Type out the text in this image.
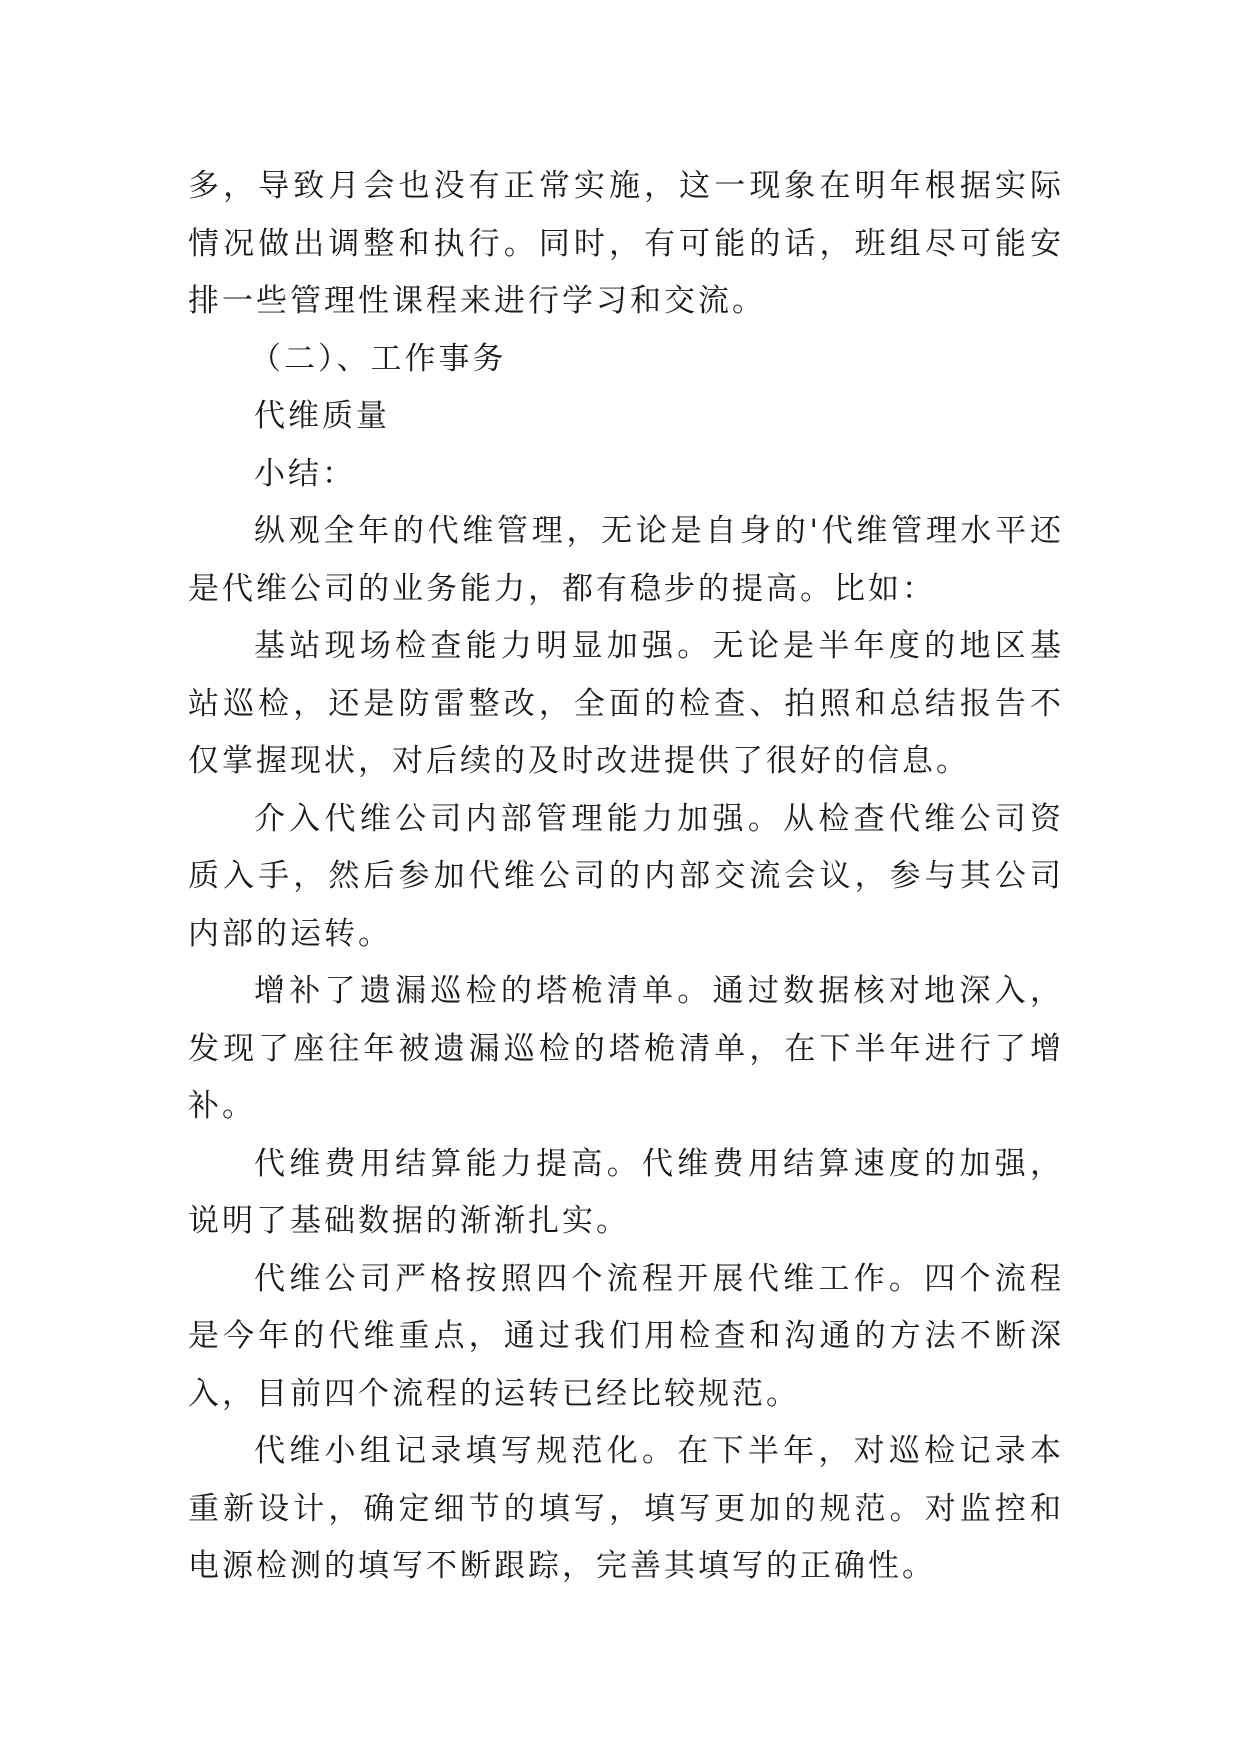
多，导致月会也没有正常实施，这一现象在明年根据实际情况做出调整和执行。同时，有可能的话，班组尽可能安排一些管理性课程来进行学习和交流。

（二）、工作事务

代维质量

小结：

纵观全年的代维管理，无论是自身的'代维管理水平还是代维公司的业务能力，都有稳步的提高。比如：

基站现场检查能力明显加强。无论是半年度的地区基站巡检，还是防雷整改，全面的检查、拍照和总结报告不仅掌握现状，对后续的及时改进提供了很好的信息。

介入代维公司内部管理能力加强。从检查代维公司资质入手，然后参加代维公司的内部交流会议，参与其公司内部的运转。

增补了遗漏巡检的塔桅清单。通过数据核对地深入，发现了座往年被遗漏巡检的塔桅清单，在下半年进行了增补。

代维费用结算能力提高。代维费用结算速度的加强，说明了基础数据的渐渐扎实。

代维公司严格按照四个流程开展代维工作。四个流程是今年的代维重点，通过我们用检查和沟通的方法不断深入，目前四个流程的运转已经比较规范。

代维小组记录填写规范化。在下半年，对巡检记录本重新设计，确定细节的填写，填写更加的规范。对监控和电源检测的填写不断跟踪，完善其填写的正确性。
